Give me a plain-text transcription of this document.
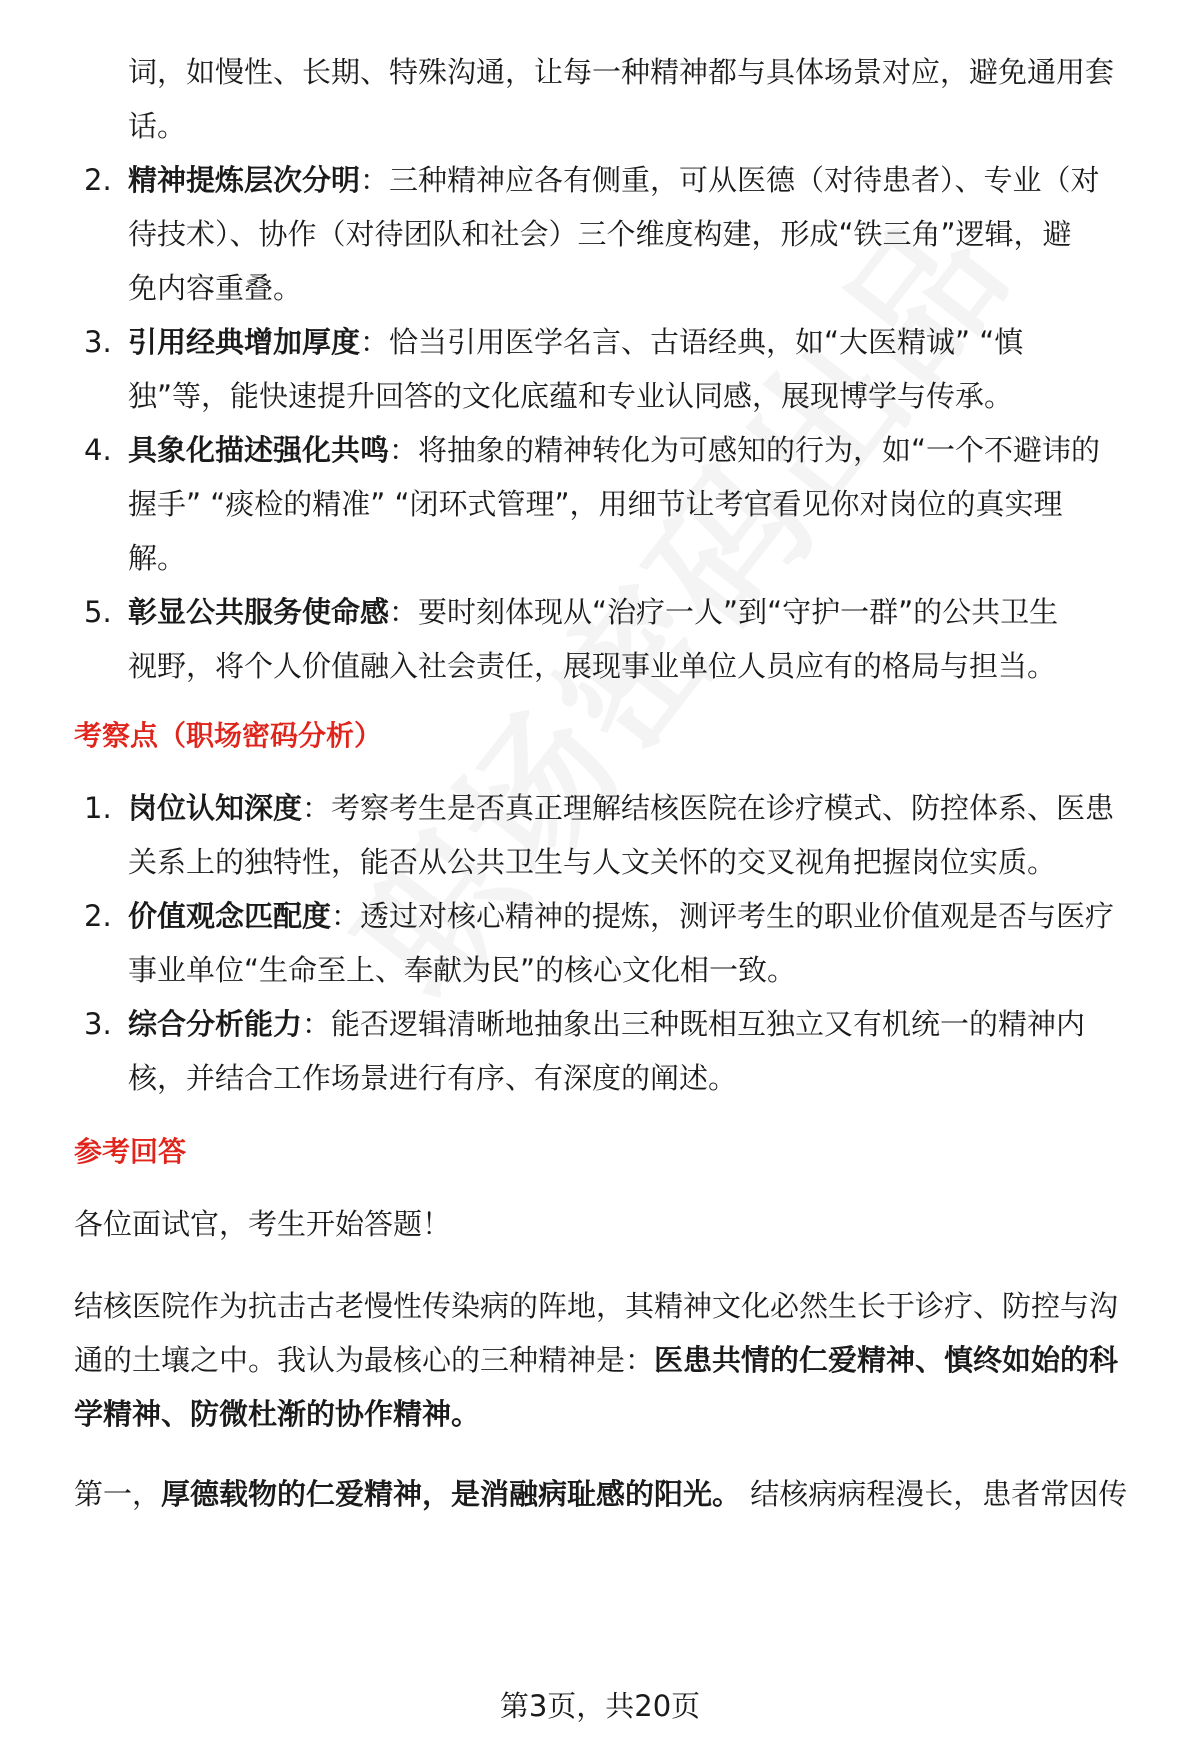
词，如慢性、长期、特殊沟通，让每一种精神都与具体场景对应，避免通用套
话。
2. 精神提炼层次分明：三种精神应各有侧重，可从医德（对待患者）、专业（对
待技术）、协作（对待团队和社会）三个维度构建，形成“铁三角”逻辑，避
免内容重叠。
3. 引用经典增加厚度：恰当引用医学名言、古语经典，如“大医精诚” “慎
独”等，能快速提升回答的文化底蕴和专业认同感，展现博学与传承。
4. 具象化描述强化共鸣：将抽象的精神转化为可感知的行为，如“一个不避讳的
握手” “痰检的精准” “闭环式管理”，用细节让考官看见你对岗位的真实理
解。
5. 彰显公共服务使命感：要时刻体现从“治疗一人”到“守护一群”的公共卫生
视野，将个人价值融入社会责任，展现事业单位人员应有的格局与担当。
考察点（职场密码分析）
1. 岗位认知深度：考察考生是否真正理解结核医院在诊疗模式、防控体系、医患
关系上的独特性，能否从公共卫生与人文关怀的交叉视角把握岗位实质。
2. 价值观念匹配度：透过对核心精神的提炼，测评考生的职业价值观是否与医疗
事业单位“生命至上、奉献为民”的核心文化相一致。
3. 综合分析能力：能否逻辑清晰地抽象出三种既相互独立又有机统一的精神内
核，并结合工作场景进行有序、有深度的阐述。
参考回答
各位面试官，考生开始答题！
结核医院作为抗击古老慢性传染病的阵地，其精神文化必然生长于诊疗、防控与沟
通的土壤之中。我认为最核心的三种精神是：医患共情的仁爱精神、慎终如始的科
学精神、防微杜渐的协作精神。
第一，厚德载物的仁爱精神，是消融病耻感的阳光。 结核病病程漫长，患者常因传
第3页，共20页
